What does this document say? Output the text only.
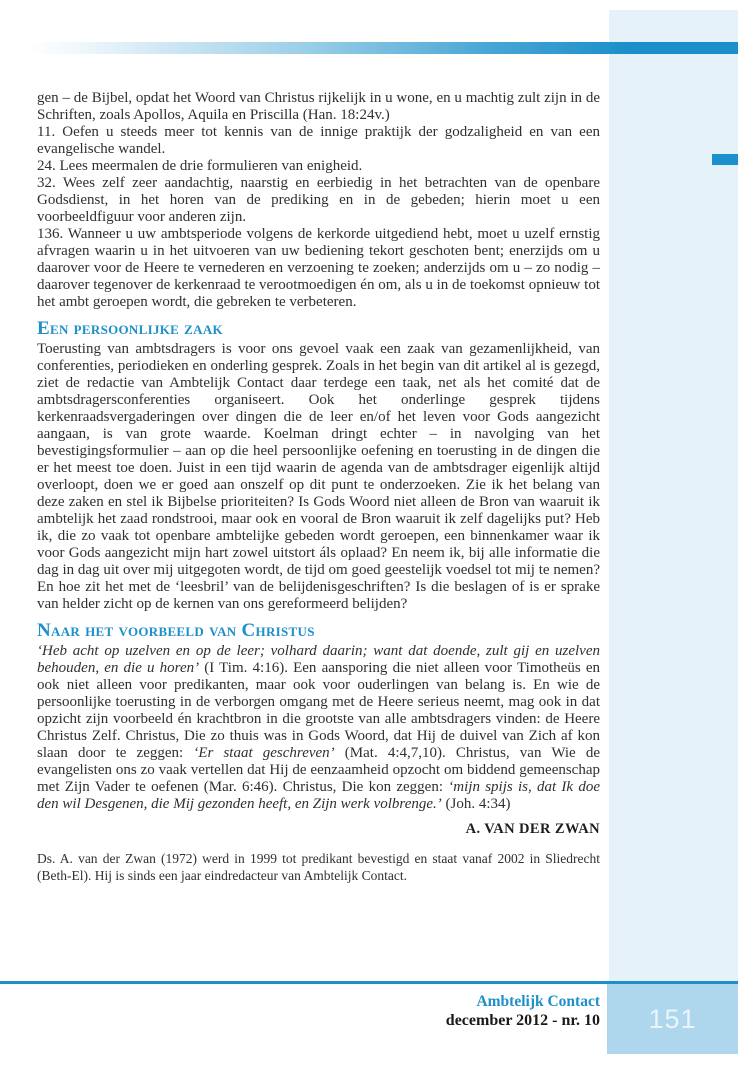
gen – de Bijbel, opdat het Woord van Christus rijkelijk in u wone, en u machtig zult zijn in de Schriften, zoals Apollos, Aquila en Priscilla (Han. 18:24v.)

11. Oefen u steeds meer tot kennis van de innige praktijk der godzaligheid en van een evangelische wandel.

24. Lees meermalen de drie formulieren van enigheid.

32. Wees zelf zeer aandachtig, naarstig en eerbiedig in het betrachten van de openbare Godsdienst, in het horen van de prediking en in de gebeden; hierin moet u een voorbeeldfiguur voor anderen zijn.

136. Wanneer u uw ambtsperiode volgens de kerkorde uitgediend hebt, moet u uzelf ernstig afvragen waarin u in het uitvoeren van uw bediening tekort geschoten bent; enerzijds om u daarover voor de Heere te vernederen en verzoening te zoeken; anderzijds om u – zo nodig – daarover tegenover de kerkenraad te verootmoedigen én om, als u in de toekomst opnieuw tot het ambt geroepen wordt, die gebreken te verbeteren.

Een persoonlijke zaak

Toerusting van ambtsdragers is voor ons gevoel vaak een zaak van gezamenlijkheid, van conferenties, periodieken en onderling gesprek. Zoals in het begin van dit artikel al is gezegd, ziet de redactie van Ambtelijk Contact daar terdege een taak, net als het comité dat de ambtsdragersconferenties organiseert. Ook het onderlinge gesprek tijdens kerkenraadsvergaderingen over dingen die de leer en/of het leven voor Gods aangezicht aangaan, is van grote waarde. Koelman dringt echter – in navolging van het bevestigingsformulier – aan op die heel persoonlijke oefening en toerusting in de dingen die er het meest toe doen. Juist in een tijd waarin de agenda van de ambtsdrager eigenlijk altijd overloopt, doen we er goed aan onszelf op dit punt te onderzoeken. Zie ik het belang van deze zaken en stel ik Bijbelse prioriteiten? Is Gods Woord niet alleen de Bron van waaruit ik ambtelijk het zaad rondstrooi, maar ook en vooral de Bron waaruit ik zelf dagelijks put? Heb ik, die zo vaak tot openbare ambtelijke gebeden wordt geroepen, een binnenkamer waar ik voor Gods aangezicht mijn hart zowel uitstort áls oplaad? En neem ik, bij alle informatie die dag in dag uit over mij uitgegoten wordt, de tijd om goed geestelijk voedsel tot mij te nemen? En hoe zit het met de ‘leesbril’ van de belijdenisgeschriften? Is die beslagen of is er sprake van helder zicht op de kernen van ons gereformeerd belijden?

Naar het voorbeeld van Christus

‘Heb acht op uzelven en op de leer; volhard daarin; want dat doende, zult gij en uzelven behouden, en die u horen’ (I Tim. 4:16). Een aansporing die niet alleen voor Timotheüs en ook niet alleen voor predikanten, maar ook voor ouderlingen van belang is. En wie de persoonlijke toerusting in de verborgen omgang met de Heere serieus neemt, mag ook in dat opzicht zijn voorbeeld én krachtbron in die grootste van alle ambtsdragers vinden: de Heere Christus Zelf. Christus, Die zo thuis was in Gods Woord, dat Hij de duivel van Zich af kon slaan door te zeggen: ‘Er staat geschreven’ (Mat. 4:4,7,10). Christus, van Wie de evangelisten ons zo vaak vertellen dat Hij de eenzaamheid opzocht om biddend gemeenschap met Zijn Vader te oefenen (Mar. 6:46). Christus, Die kon zeggen: ‘mijn spijs is, dat Ik doe den wil Desgenen, die Mij gezonden heeft, en Zijn werk volbrenge.’ (Joh. 4:34)

A. VAN DER ZWAN
Ds. A. van der Zwan (1972) werd in 1999 tot predikant bevestigd en staat vanaf 2002 in Sliedrecht (Beth-El). Hij is sinds een jaar eindredacteur van Ambtelijk Contact.
Ambtelijk Contact
december 2012 - nr. 10 151
